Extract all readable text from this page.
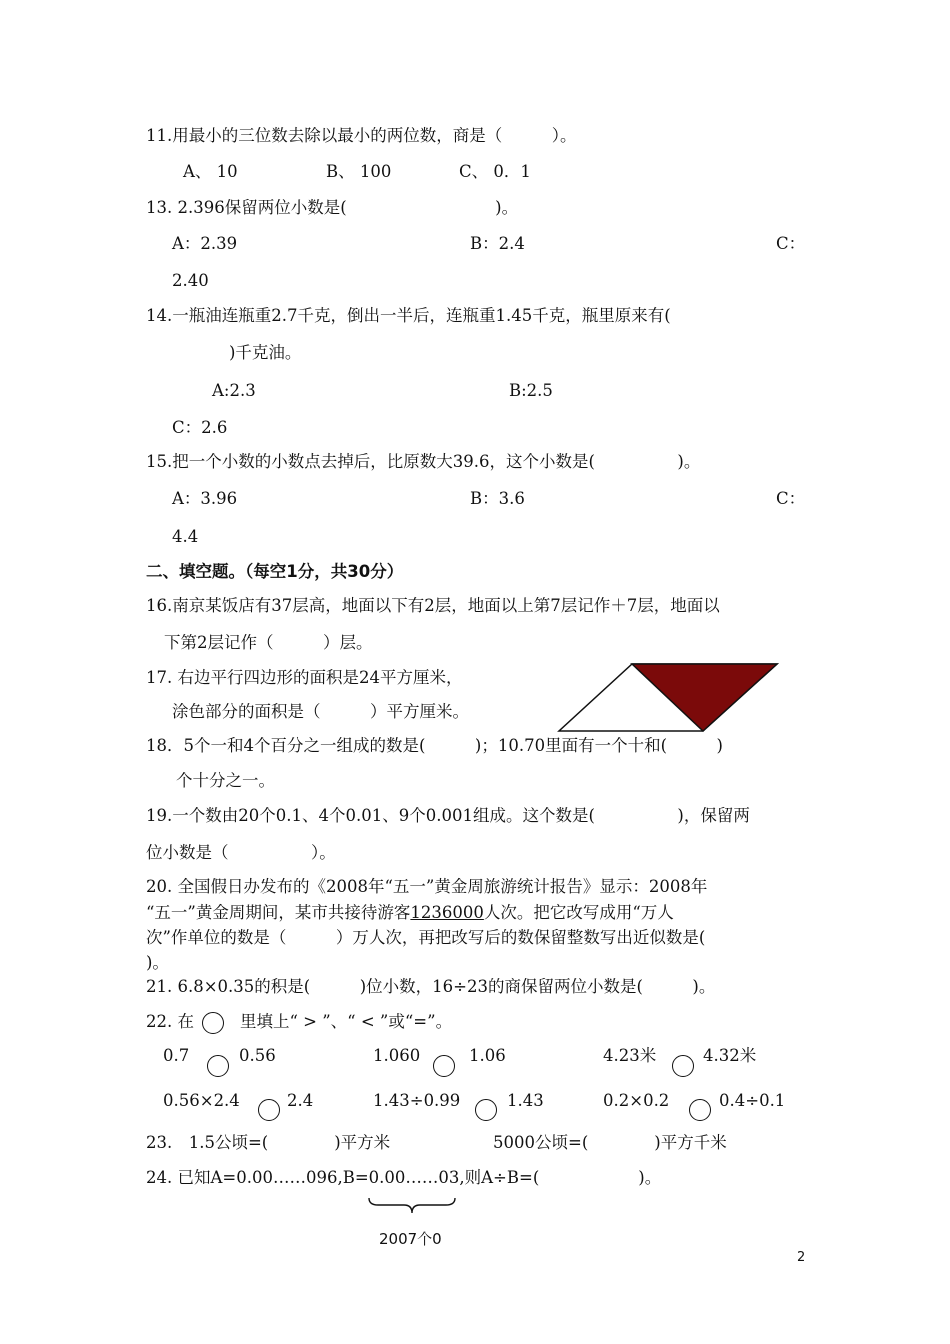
11.用最小的三位数去除以最小的两位数，商是（　　　）。
A、 10	B、 100	C、 0．1
13. 2.396保留两位小数是(　　　　　　　　　)。
A：2.39	B：2.4	C：
2.40
14.一瓶油连瓶重2.7千克，倒出一半后，连瓶重1.45千克，瓶里原来有(
)千克油。
A:2.3	B:2.5
C：2.6
15.把一个小数的小数点去掉后，比原数大39.6，这个小数是(　　　　　)。
A：3.96	B：3.6	C：
4.4
二、填空题。（每空1分，共30分）
16.南京某饭店有37层高，地面以下有2层，地面以上第7层记作＋7层，地面以
下第2层记作（　　　）层。
17. 右边平行四边形的面积是24平方厘米，
涂色部分的面积是（　　　）平方厘米。
18．5个一和4个百分之一组成的数是(　　　)；10.70里面有一个十和(　　　)
个十分之一。
19.一个数由20个0.1、4个0.01、9个0.001组成。这个数是(　　　　　)，保留两
位小数是（　　　　　）。
20. 全国假日办发布的《2008年“五一”黄金周旅游统计报告》显示：2008年
“五一”黄金周期间，某市共接待游客1236000人次。把它改写成用“万人
次”作单位的数是（　　　）万人次，再把改写后的数保留整数写出近似数是(
)。
21. 6.8×0.35的积是(　　　)位小数，16÷23的商保留两位小数是(　　　)。
22. 在	里填上“ > ”、“ < ”或“=”。
0.7	0.56	1.060	1.06	4.23米	4.32米
0.56×2.4	2.4	1.43÷0.99	1.43	0.2×0.2	0.4÷0.1
23.　1.5公顷=(　　　　)平方米	5000公顷=(　　　　)平方千米
24. 已知A=0.00……096,B=0.00……03,则A÷B=(　　　　　　)。
2007个0
2
